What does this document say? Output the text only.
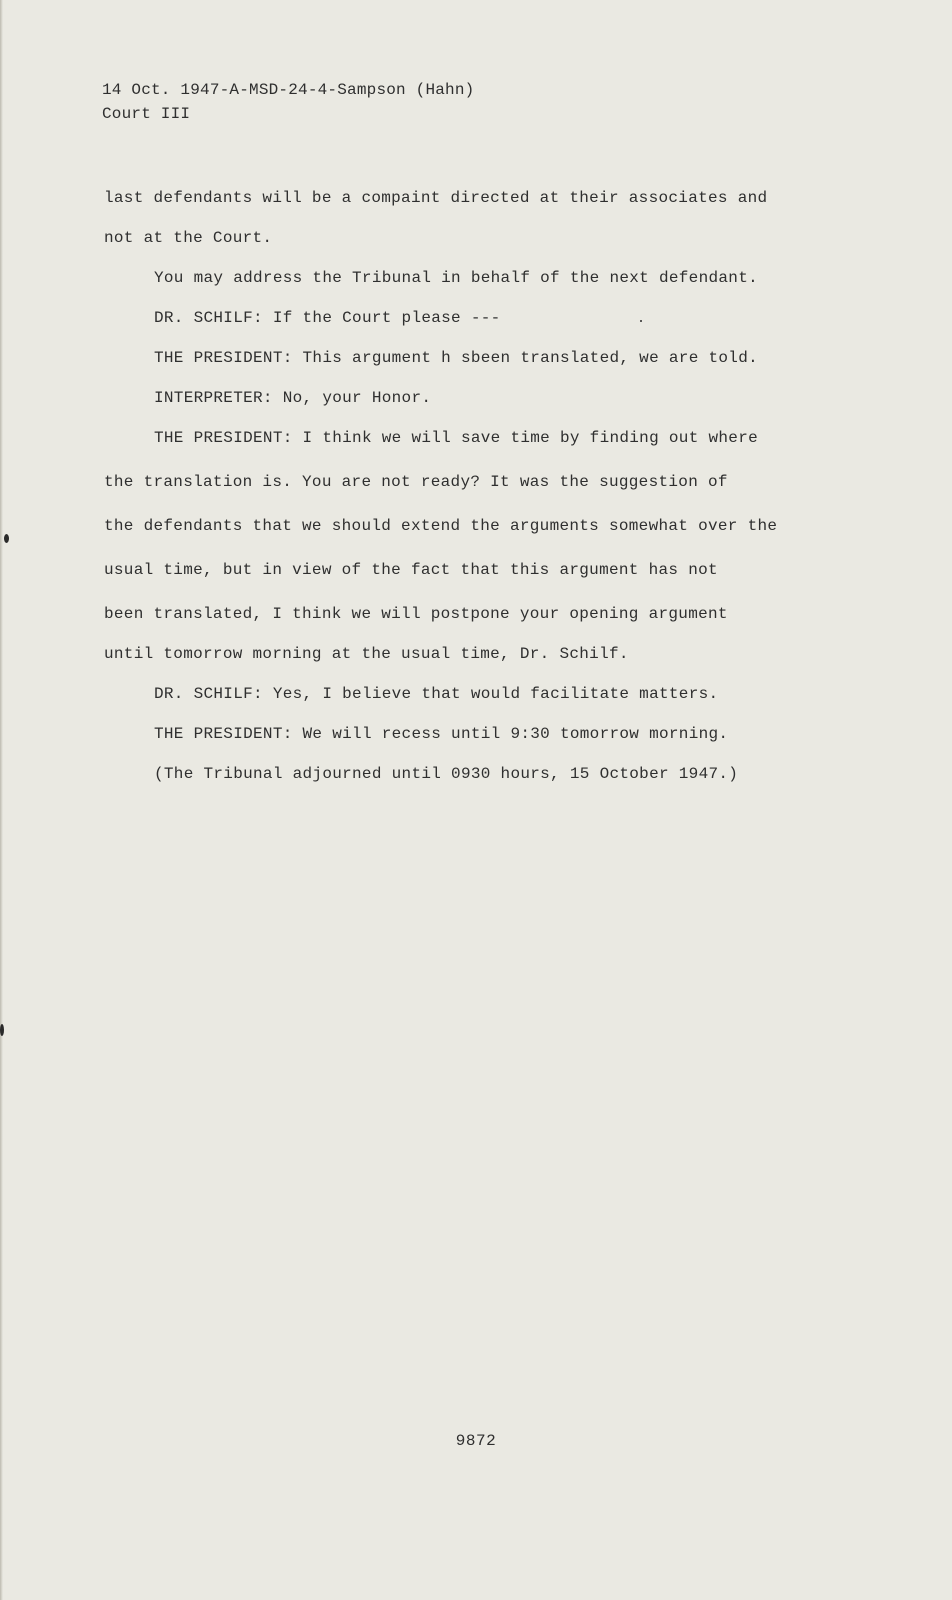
14 Oct. 1947-A-MSD-24-4-Sampson (Hahn)
Court III
last defendants will be a compaint directed at their associates and
not at the Court.
You may address the Tribunal in behalf of the next defendant.
DR. SCHILF: If the Court please ---
THE PRESIDENT: This argument h sbeen translated, we are told.
INTERPRETER: No, your Honor.
THE PRESIDENT: I think we will save time by finding out where
the translation is. You are not ready? It was the suggestion of
the defendants that we should extend the arguments somewhat over the
usual time, but in view of the fact that this argument has not
been translated, I think we will postpone your opening argument
until tomorrow morning at the usual time, Dr. Schilf.
DR. SCHILF: Yes, I believe that would facilitate matters.
THE PRESIDENT: We will recess until 9:30 tomorrow morning.
(The Tribunal adjourned until 0930 hours, 15 October 1947.)
9872
